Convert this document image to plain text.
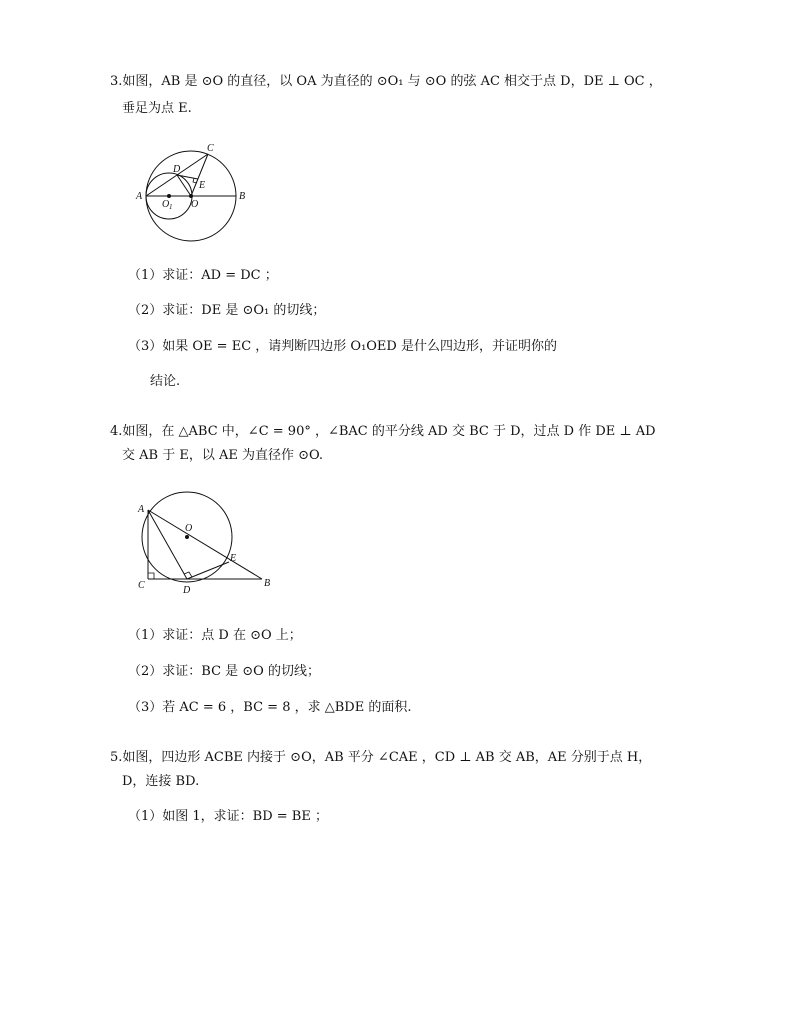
3.如图，AB 是 ⊙O 的直径，以 OA 为直径的 ⊙O₁ 与 ⊙O 的弦 AC 相交于点 D，DE ⊥ OC ，
垂足为点 E.
A	B
C
D
E
O
O 1
（1）求证：AD = DC ；
（2）求证：DE 是 ⊙O₁ 的切线；
（3）如果 OE = EC ，请判断四边形 O₁OED 是什么四边形，并证明你的
结论.
4.如图，在 △ABC 中，∠C = 90° ，∠BAC 的平分线 AD 交 BC 于 D，过点 D 作 DE ⊥ AD
交 AB 于 E，以 AE 为直径作 ⊙O.
A
B
C	D
E
O
（1）求证：点 D 在 ⊙O 上；
（2）求证：BC 是 ⊙O 的切线；
（3）若 AC = 6 ，BC = 8 ，求 △BDE 的面积.
5.如图，四边形 ACBE 内接于 ⊙O，AB 平分 ∠CAE ，CD ⊥ AB 交 AB，AE 分别于点 H，
D，连接 BD.
（1）如图 1，求证：BD = BE ；
